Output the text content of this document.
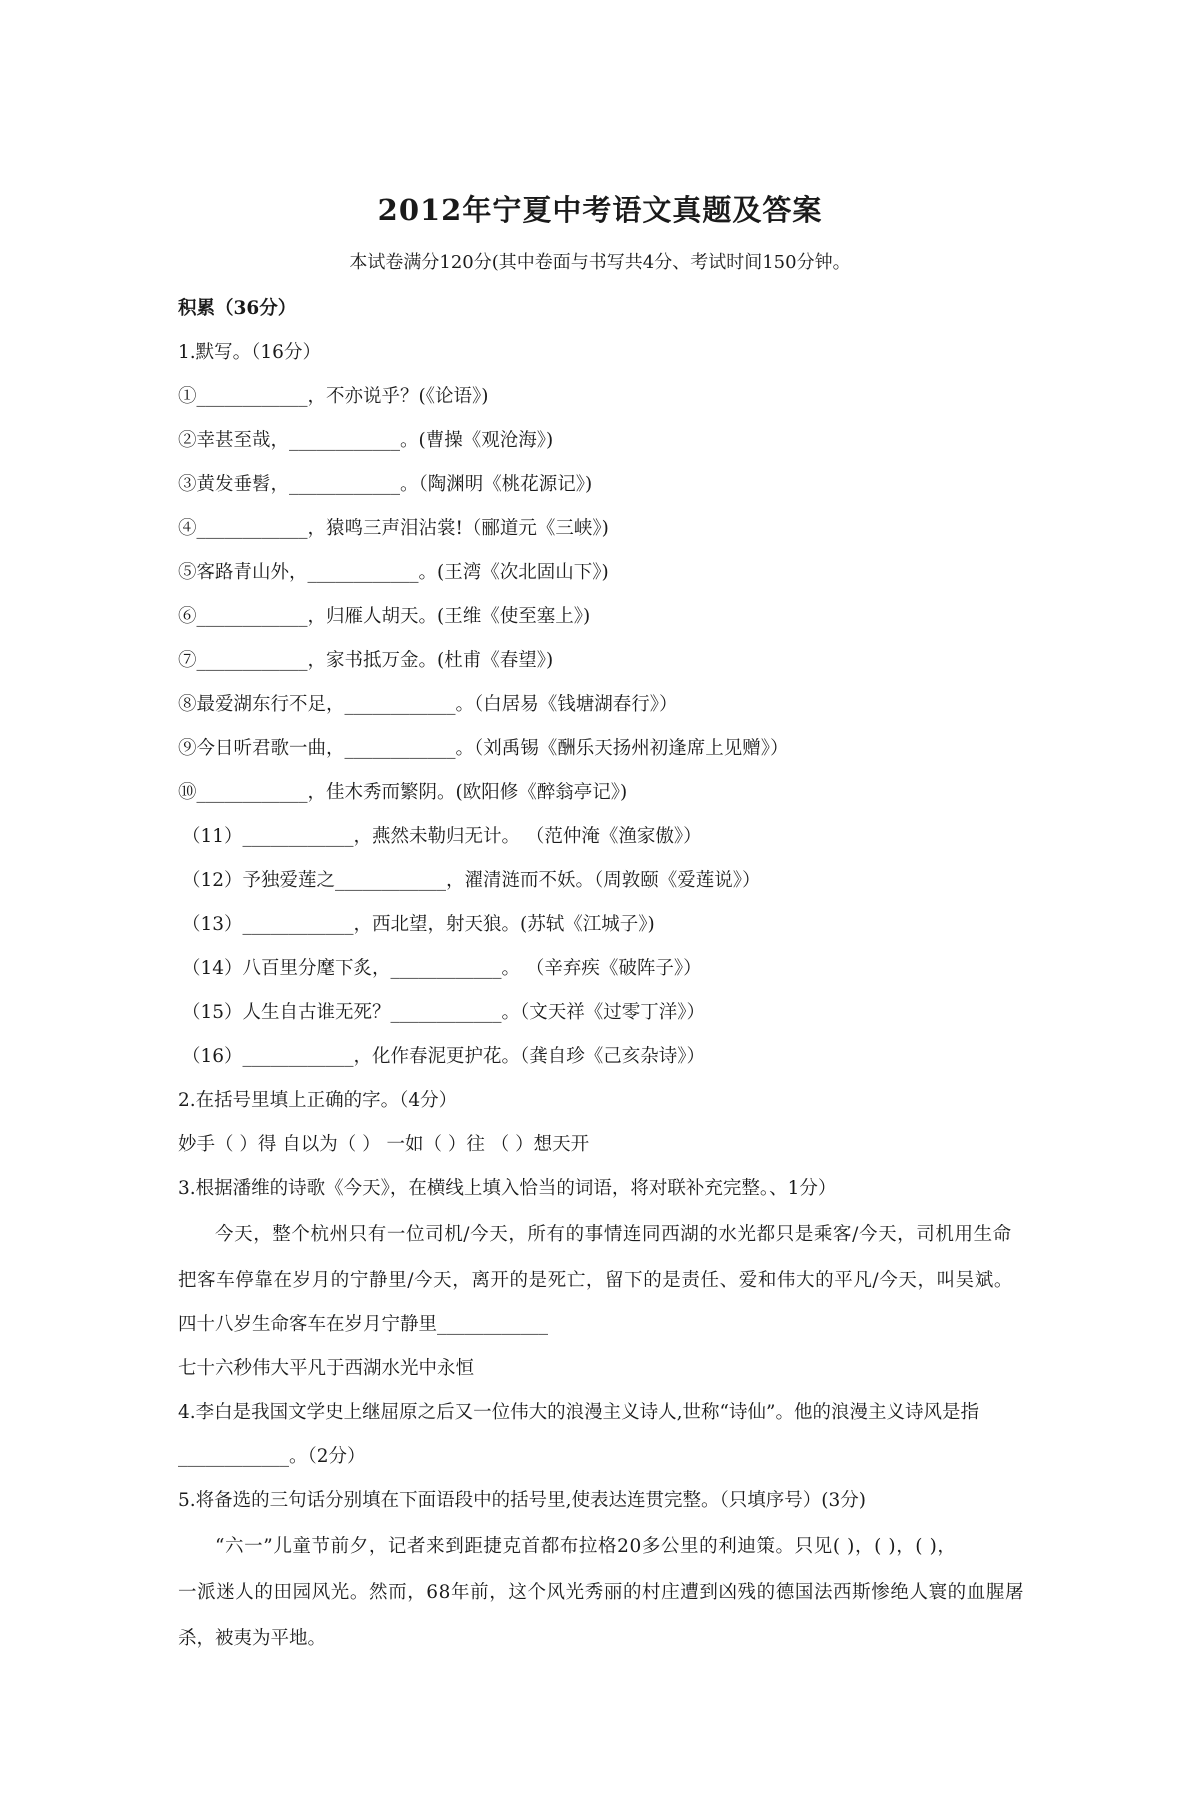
2012年宁夏中考语文真题及答案
本试卷满分120分(其中卷面与书写共4分、考试时间150分钟。
积累（36分）
1.默写。（16分）
①____________，不亦说乎？(《论语》)
②幸甚至哉，____________。(曹操《观沧海》)
③黄发垂髫，____________。（陶渊明《桃花源记》)
④____________，猿鸣三声泪沾裳!（郦道元《三峡》)
⑤客路青山外，____________。(王湾《次北固山下》)
⑥____________，归雁人胡天。(王维《使至塞上》)
⑦____________，家书抵万金。(杜甫《春望》)
⑧最爱湖东行不足，____________。（白居易《钱塘湖春行》）
⑨今日听君歌一曲，____________。（刘禹锡《酬乐天扬州初逢席上见赠》）
⑩____________，佳木秀而繁阴。(欧阳修《醉翁亭记》)
（11）____________，燕然未勒归无计。 （范仲淹《渔家傲》）
（12）予独爱莲之____________，濯清涟而不妖。（周敦颐《爱莲说》）
（13）____________，西北望，射天狼。(苏轼《江城子》)
（14）八百里分麾下炙，____________。 （辛弃疾《破阵子》）
（15）人生自古谁无死？____________。（文天祥《过零丁洋》）
（16）____________，化作春泥更护花。（龚自珍《己亥杂诗》）
2.在括号里填上正确的字。（4分）
妙手（ ）得 自以为（ ） 一如（ ）往 （ ）想天开
3.根据潘维的诗歌《今天》，在横线上填入恰当的词语，将对联补充完整。、1分）
今天，整个杭州只有一位司机/今天，所有的事情连同西湖的水光都只是乘客/今天，司机用生命
把客车停靠在岁月的宁静里/今天，离开的是死亡，留下的是责任、爱和伟大的平凡/今天，叫吴斌。
四十八岁生命客车在岁月宁静里____________
七十六秒伟大平凡于西湖水光中永恒
4.李白是我国文学史上继屈原之后又一位伟大的浪漫主义诗人,世称“诗仙”。他的浪漫主义诗风是指
____________。（2分）
5.将备选的三句话分别填在下面语段中的括号里,使表达连贯完整。（只填序号）(3分)
“六一”儿童节前夕，记者来到距捷克首都布拉格20多公里的利迪策。只见( )，( )，( )，
一派迷人的田园风光。然而，68年前，这个风光秀丽的村庄遭到凶残的德国法西斯惨绝人寰的血腥屠
杀，被夷为平地。
